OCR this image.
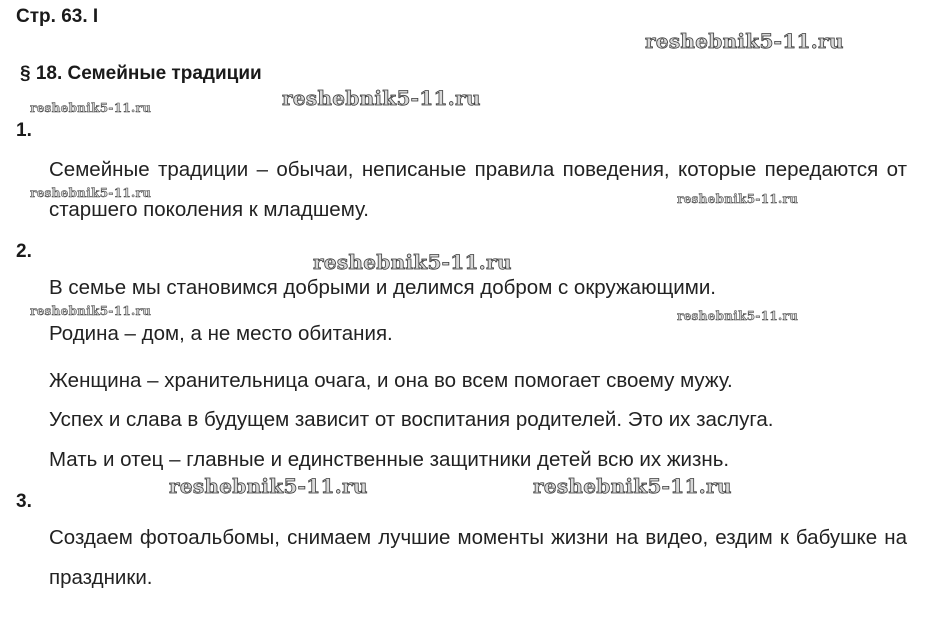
Стр. 63. I
§ 18. Семейные традиции
1.
Семейные традиции – обычаи, неписаные правила поведения, которые передаются от старшего поколения к младшему.
2.
В семье мы становимся добрыми и делимся добром с окружающими.
Родина – дом, а не место обитания.
Женщина – хранительница очага, и она во всем помогает своему мужу.
Успех и слава в будущем зависит от воспитания родителей. Это их заслуга.
Мать и отец – главные и единственные защитники детей всю их жизнь.
3.
Создаем фотоальбомы, снимаем лучшие моменты жизни на видео, ездим к бабушке на праздники.
reshebnik5-11.ru
reshebnik5-11.ru
reshebnik5-11.ru
reshebnik5-11.ru	reshebnik5-11.ru
reshebnik5-11.ru
reshebnik5-11.ru	reshebnik5-11.ru
reshebnik5-11.ru	reshebnik5-11.ru
